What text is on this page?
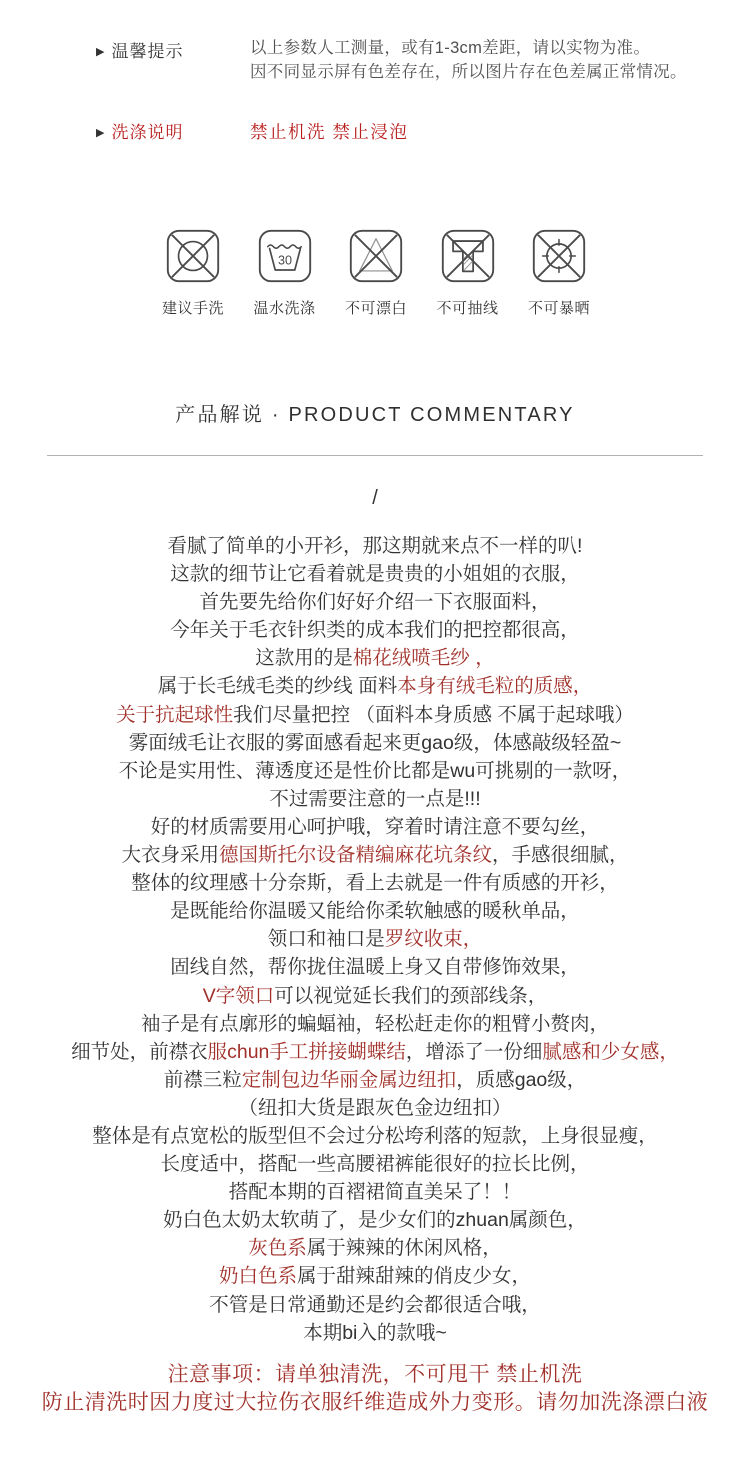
▶ 温馨提示	以上参数人工测量，或有1-3cm差距，请以实物为准。
因不同显示屏有色差存在，所以图片存在色差属正常情况。
▶ 洗涤说明	禁止机洗 禁止浸泡
建议手洗
30
温水洗涤 不可漂白 不可抽线 不可暴晒
产品解说 · PRODUCT COMMENTARY
/
看腻了简单的小开衫，那这期就来点不一样的叭!
这款的细节让它看着就是贵贵的小姐姐的衣服，
首先要先给你们好好介绍一下衣服面料，
今年关于毛衣针织类的成本我们的把控都很高，
这款用的是棉花绒喷毛纱 ，
属于长毛绒毛类的纱线 面料本身有绒毛粒的质感，
关于抗起球性我们尽量把控 （面料本身质感 不属于起球哦）
雾面绒毛让衣服的雾面感看起来更gao级，体感敲级轻盈~
不论是实用性、薄透度还是性价比都是wu可挑剔的一款呀，
不过需要注意的一点是!!!
好的材质需要用心呵护哦，穿着时请注意不要勾丝，
大衣身采用德国斯托尔设备精编麻花坑条纹，手感很细腻，
整体的纹理感十分奈斯，看上去就是一件有质感的开衫，
是既能给你温暖又能给你柔软触感的暖秋单品，
领口和袖口是罗纹收束，
固线自然，帮你拢住温暖上身又自带修饰效果，
V字领口可以视觉延长我们的颈部线条，
袖子是有点廓形的蝙蝠袖，轻松赶走你的粗臂小赘肉，
细节处，前襟衣服chun手工拼接蝴蝶结，增添了一份细腻感和少女感，
前襟三粒定制包边华丽金属边纽扣，质感gao级，
（纽扣大货是跟灰色金边纽扣）
整体是有点宽松的版型但不会过分松垮利落的短款，上身很显瘦，
长度适中，搭配一些高腰裙裤能很好的拉长比例，
搭配本期的百褶裙简直美呆了！！
奶白色太奶太软萌了，是少女们的zhuan属颜色，
灰色系属于辣辣的休闲风格，
奶白色系属于甜辣甜辣的俏皮少女，
不管是日常通勤还是约会都很适合哦，
本期bi入的款哦~
注意事项：请单独清洗，不可甩干 禁止机洗
防止清洗时因力度过大拉伤衣服纤维造成外力变形。请勿加洗涤漂白液
